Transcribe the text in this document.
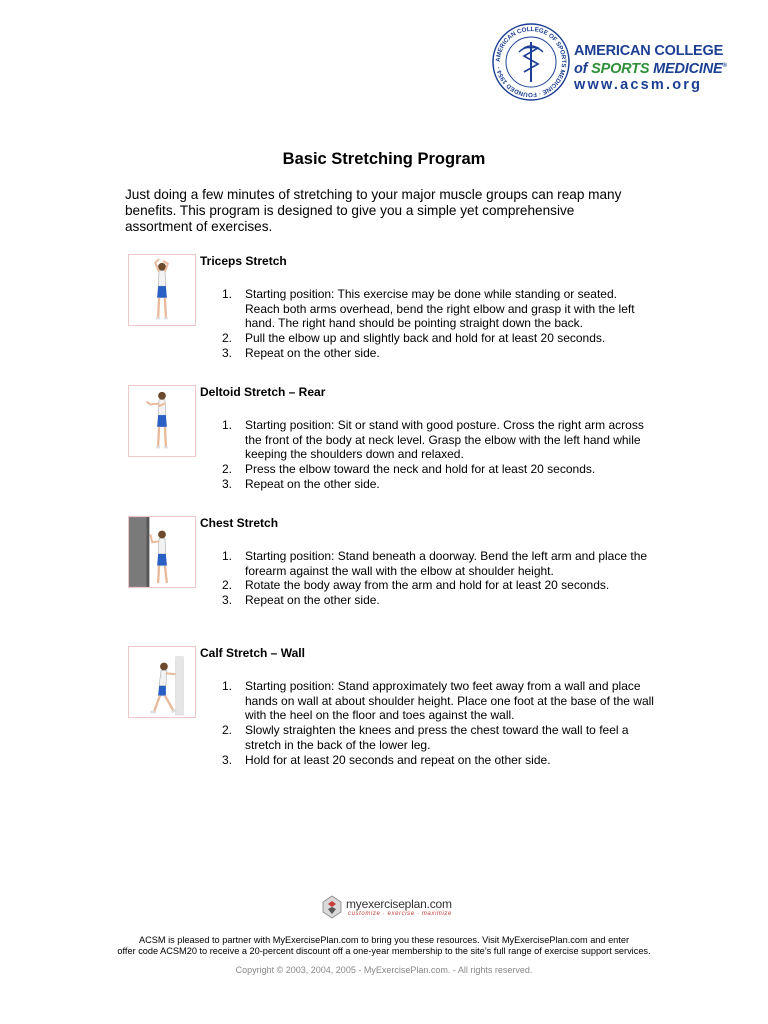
AMERICAN COLLEGE OF SPORTS MEDICINE · FOUNDED 1954 ·
AMERICAN COLLEGE
of SPORTS MEDICINE®
www.acsm.org
Basic Stretching Program
Just doing a few minutes of stretching to your major muscle groups can reap many benefits. This program is designed to give you a simple yet comprehensive assortment of exercises.
Triceps Stretch
1. Starting position: This exercise may be done while standing or seated. Reach both arms overhead, bend the right elbow and grasp it with the left hand. The right hand should be pointing straight down the back.
2. Pull the elbow up and slightly back and hold for at least 20 seconds.
3. Repeat on the other side.
Deltoid Stretch – Rear
1. Starting position: Sit or stand with good posture. Cross the right arm across the front of the body at neck level. Grasp the elbow with the left hand while keeping the shoulders down and relaxed.
2. Press the elbow toward the neck and hold for at least 20 seconds.
3. Repeat on the other side.
Chest Stretch
1. Starting position: Stand beneath a doorway. Bend the left arm and place the forearm against the wall with the elbow at shoulder height.
2. Rotate the body away from the arm and hold for at least 20 seconds.
3. Repeat on the other side.
Calf Stretch – Wall
1. Starting position: Stand approximately two feet away from a wall and place hands on wall at about shoulder height. Place one foot at the base of the wall with the heel on the floor and toes against the wall.
2. Slowly straighten the knees and press the chest toward the wall to feel a stretch in the back of the lower leg.
3. Hold for at least 20 seconds and repeat on the other side.
myexerciseplan.com
customize · exercise · maximize
ACSM is pleased to partner with MyExercisePlan.com to bring you these resources. Visit MyExercisePlan.com and enter
offer code ACSM20 to receive a 20-percent discount off a one-year membership to the site’s full range of exercise support services.
Copyright © 2003, 2004, 2005 - MyExercisePlan.com. - All rights reserved.
